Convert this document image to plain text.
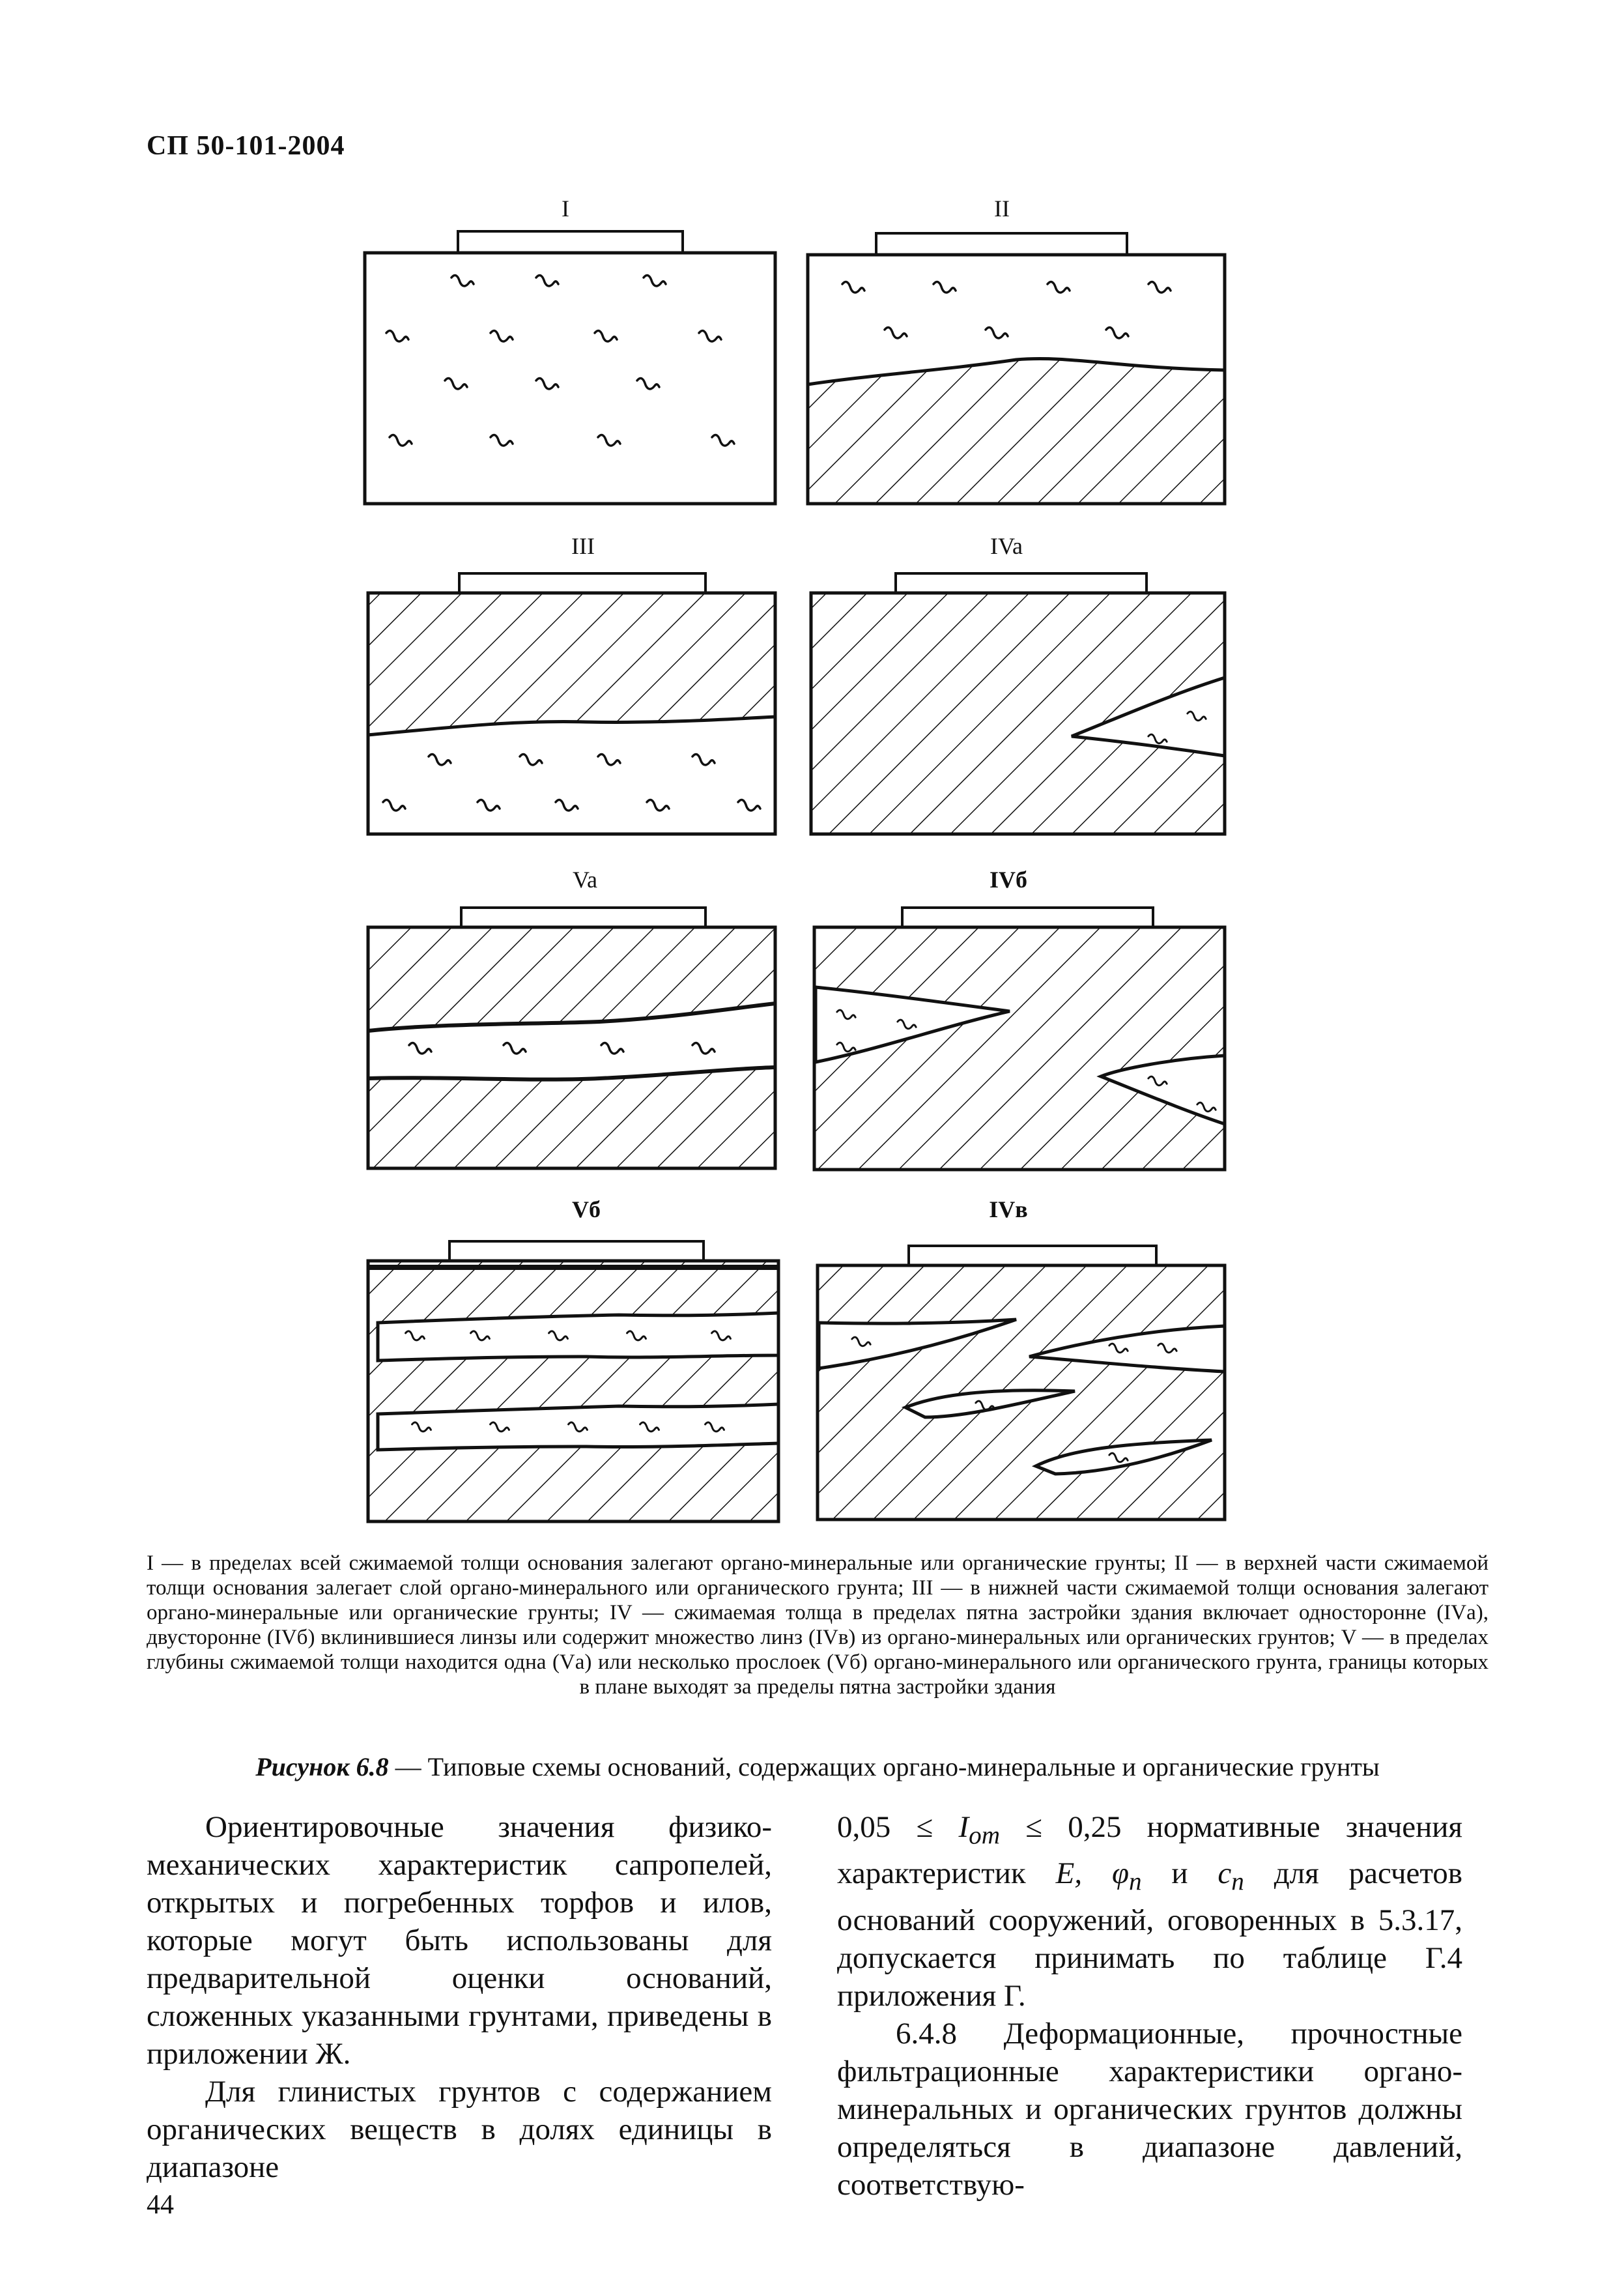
СП 50-101-2004
I	II
III	IVa
Va	IVб
Vб	IVв
I — в пределах всей сжимаемой толщи основания залегают органо-минеральные или органические грунты; II — в верхней части сжимаемой толщи основания залегает слой органо-минерального или органического грунта; III — в нижней части сжимаемой толщи основания залегают органо-минеральные или органические грунты; IV — сжимаемая толща в пределах пятна застройки здания включает односторонне (IVа), двусторонне (IVб) вклинившиеся линзы или содержит множество линз (IVв) из органо-минеральных или органических грунтов; V — в пределах глубины сжимаемой толщи находится одна (Vа) или несколько прослоек (Vб) органо-минерального или органического грунта, границы которых в плане выходят за пределы пятна застройки здания
Рисунок 6.8 — Типовые схемы оснований, содержащих органо-минеральные и органические грунты

Ориентировочные значения физико-механических характеристик сапропелей, открытых и погребенных торфов и илов, которые могут быть использованы для предварительной оценки оснований, сложенных указанными грунтами, приведены в приложении Ж.

Для глинистых грунтов с содержанием органических веществ в долях единицы в диапазоне

$0,05 \le I_{om} \le 0,25$ нормативные значения характеристик E, $\varphi_n$ и $c_n$ для расчетов оснований сооружений, оговоренных в 5.3.17, допускается принимать по таблице Г.4 приложения Г.

6.4.8 Деформационные, прочностные фильтрационные характеристики органо-минеральных и органических грунтов должны определяться в диапазоне давлений, соответствую-

44
